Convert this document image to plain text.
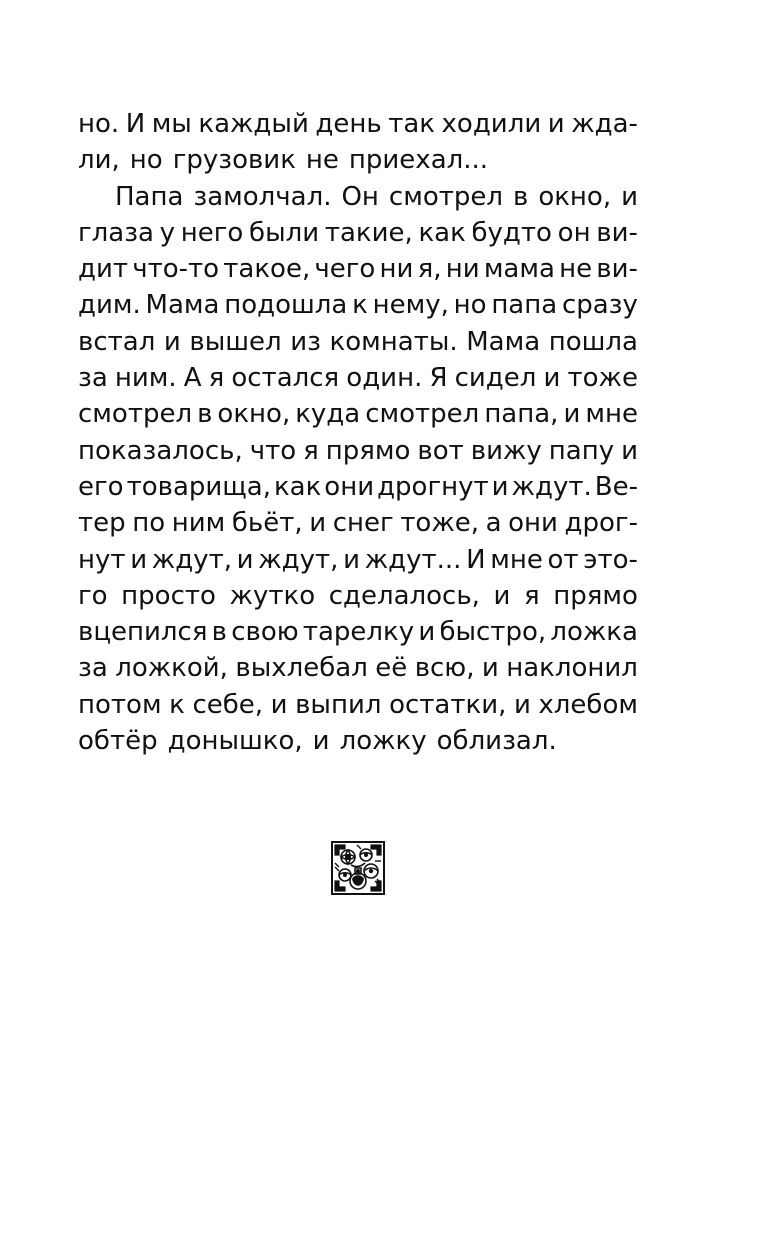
но. И мы каждый день так ходили и жда-
ли, но грузовик не приехал...
Папа замолчал. Он смотрел в окно, и
глаза у него были такие, как будто он ви-
дит что-то такое, чего ни я, ни мама не ви-
дим. Мама подошла к нему, но папа сразу
встал и вышел из комнаты. Мама пошла
за ним. А я остался один. Я сидел и тоже
смотрел в окно, куда смотрел папа, и мне
показалось, что я прямо вот вижу папу и
его товарища, как они дрогнут и ждут. Ве-
тер по ним бьёт, и снег тоже, а они дрог-
нут и ждут, и ждут, и ждут... И мне от это-
го просто жутко сделалось, и я прямо
вцепился в свою тарелку и быстро, ложка
за ложкой, выхлебал её всю, и наклонил
потом к себе, и выпил остатки, и хлебом
обтёр донышко, и ложку облизал.
